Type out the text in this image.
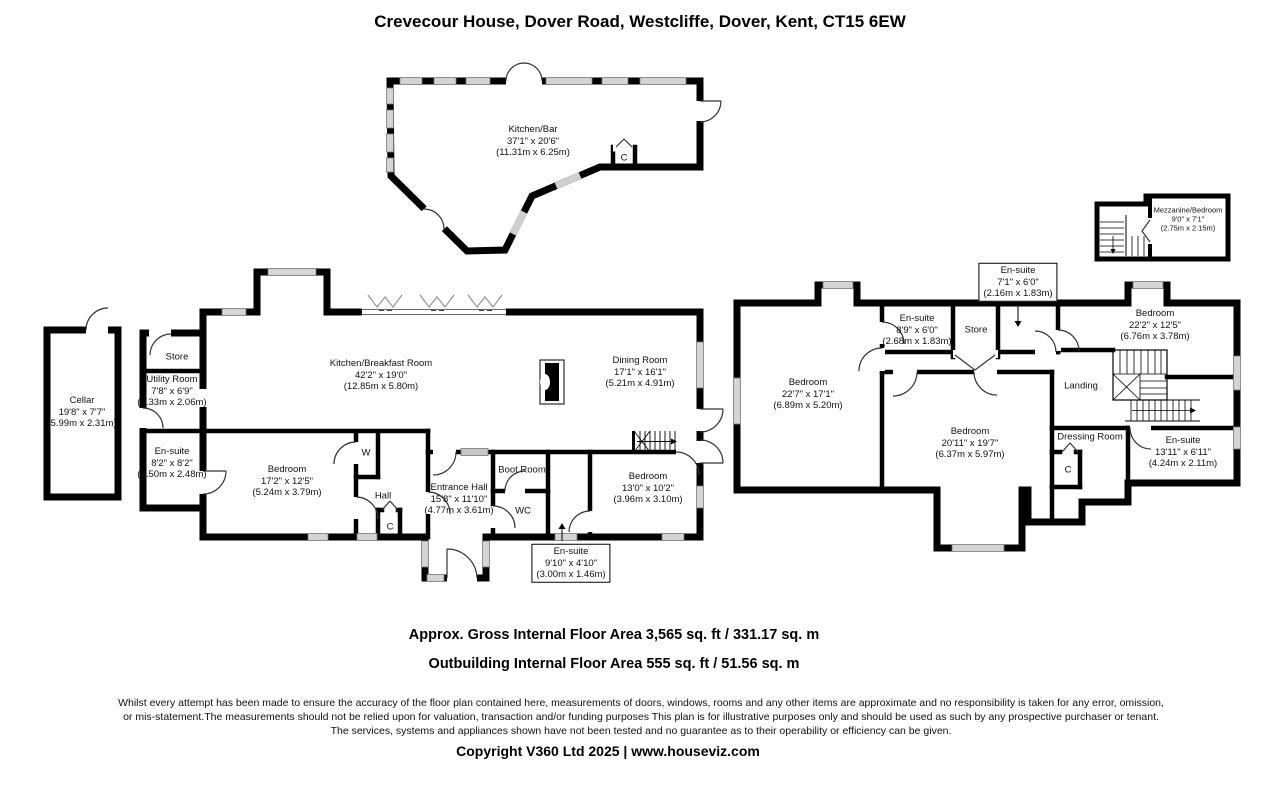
Crevecour House, Dover Road, Westcliffe, Dover, Kent, CT15 6EW
Kitchen/Bar
37'1" x 20'6"
(11.31m x 6.25m)	C
Mezzanine/Bedroom
9'0" x 7'1"
(2.75m x 2.15m)
Cellar
19'8" x 7'7"
(5.99m x 2.31m)
Store
Utility Room
7'8" x 6'9"
(2.33m x 2.06m)
En-suite
8'2" x 8'2"
(2.50m x 2.48m)
Kitchen/Breakfast Room
42'2" x 19'0"
(12.85m x 5.80m)
Dining Room
17'1" x 16'1"
(5.21m x 4.91m)
Bedroom
17'2" x 12'5"
(5.24m x 3.79m)
W
Hall
C
Entrance Hall
15'8" x 11'10"
(4.77m x 3.61m)
Boot Room
WC
En-suite
9'10" x 4'10"
(3.00m x 1.46m)
Bedroom
13'0" x 10'2"
(3.96m x 3.10m)
Bedroom
22'7" x 17'1"
(6.89m x 5.20m)
En-suite
8'9" x 6'0"
(2.68m x 1.83m)
Store
En-suite
7'1" x 6'0"
(2.16m x 1.83m)
Bedroom
22'2" x 12'5"
(6.76m x 3.78m)
Landing
Bedroom
20'11" x 19'7"
(6.37m x 5.97m)
Dressing Room
C
En-suite
13'11" x 6'11"
(4.24m x 2.11m)
Approx. Gross Internal Floor Area 3,565 sq. ft / 331.17 sq. m
Outbuilding Internal Floor Area 555 sq. ft / 51.56 sq. m
Whilst every attempt has been made to ensure the accuracy of the floor plan contained here, measurements of doors, windows, rooms and any other items are approximate and no responsibility is taken for any error, omission,
or mis-statement.The measurements should not be relied upon for valuation, transaction and/or funding purposes This plan is for illustrative purposes only and should be used as such by any prospective purchaser or tenant.
The services, systems and appliances shown have not been tested and no guarantee as to their operability or efficiency can be given.
Copyright V360 Ltd 2025 | www.houseviz.com
